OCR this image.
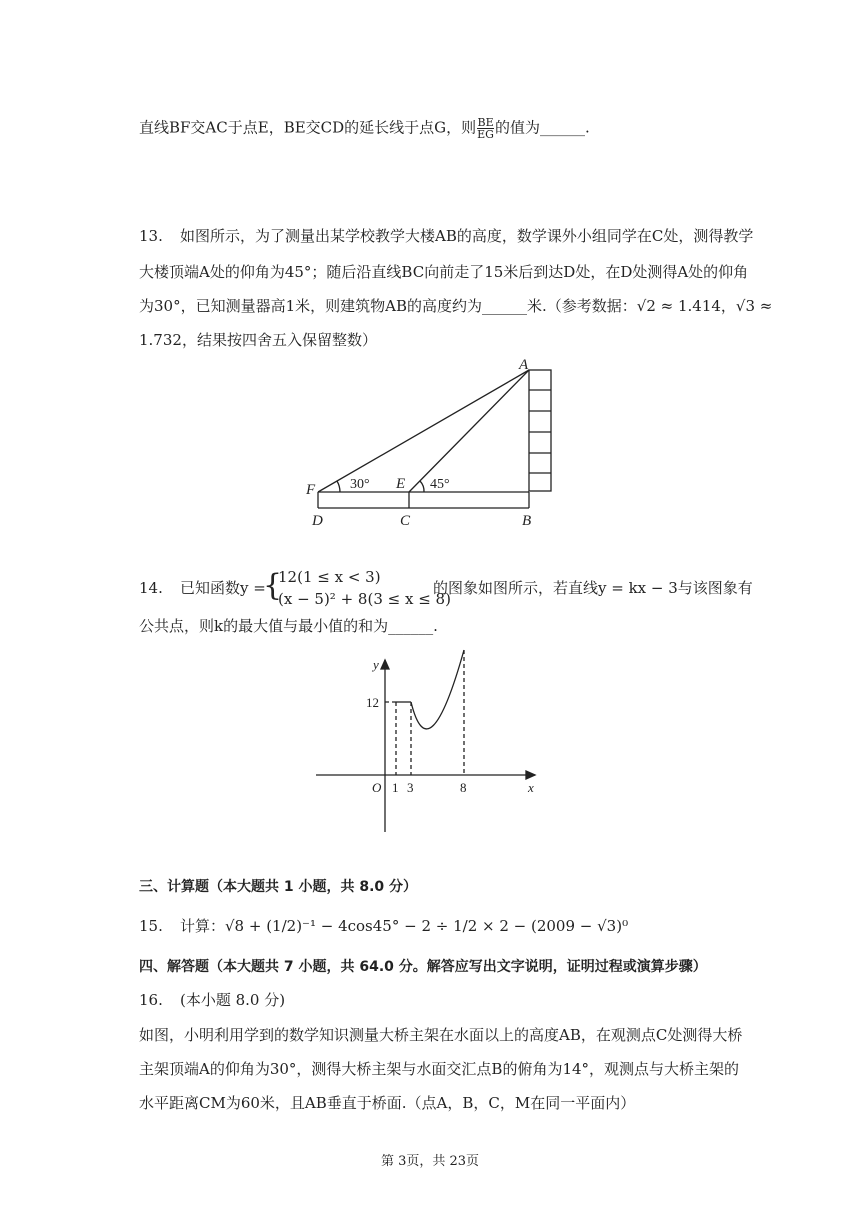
直线BF交AC于点E，BE交CD的延长线于点G，则 $\frac{BE}{EG}$ 的值为______.
13. 如图所示，为了测量出某学校教学大楼AB的高度，数学课外小组同学在C处，测得教学
大楼顶端A处的仰角为45°；随后沿直线BC向前走了15米后到达D处，在D处测得A处的仰角
为30°，已知测量器高1米，则建筑物AB的高度约为______米.（参考数据：√2 ≈ 1.414，√3 ≈
1.732，结果按四舍五入保留整数）
A
F	E
D	C	B
30°	45°
14. 已知函数y =
{
12(1 ≤ x < 3)
(x − 5)² + 8(3 ≤ x ≤ 8)
的图象如图所示，若直线y = kx − 3与该图象有
公共点，则k的最大值与最小值的和为______.
y
x
O
12
1 3	8
三、计算题（本大题共 1 小题，共 8.0 分）
15. 计算：√8 + (1/2)⁻¹ − 4cos45° − 2 ÷ 1/2 × 2 − (2009 − √3)⁰
四、解答题（本大题共 7 小题，共 64.0 分。解答应写出文字说明，证明过程或演算步骤）
16. (本小题 8.0 分)
如图，小明利用学到的数学知识测量大桥主架在水面以上的高度AB，在观测点C处测得大桥
主架顶端A的仰角为30°，测得大桥主架与水面交汇点B的俯角为14°，观测点与大桥主架的
水平距离CM为60米，且AB垂直于桥面.（点A，B，C，M在同一平面内）
第 3页，共 23页
